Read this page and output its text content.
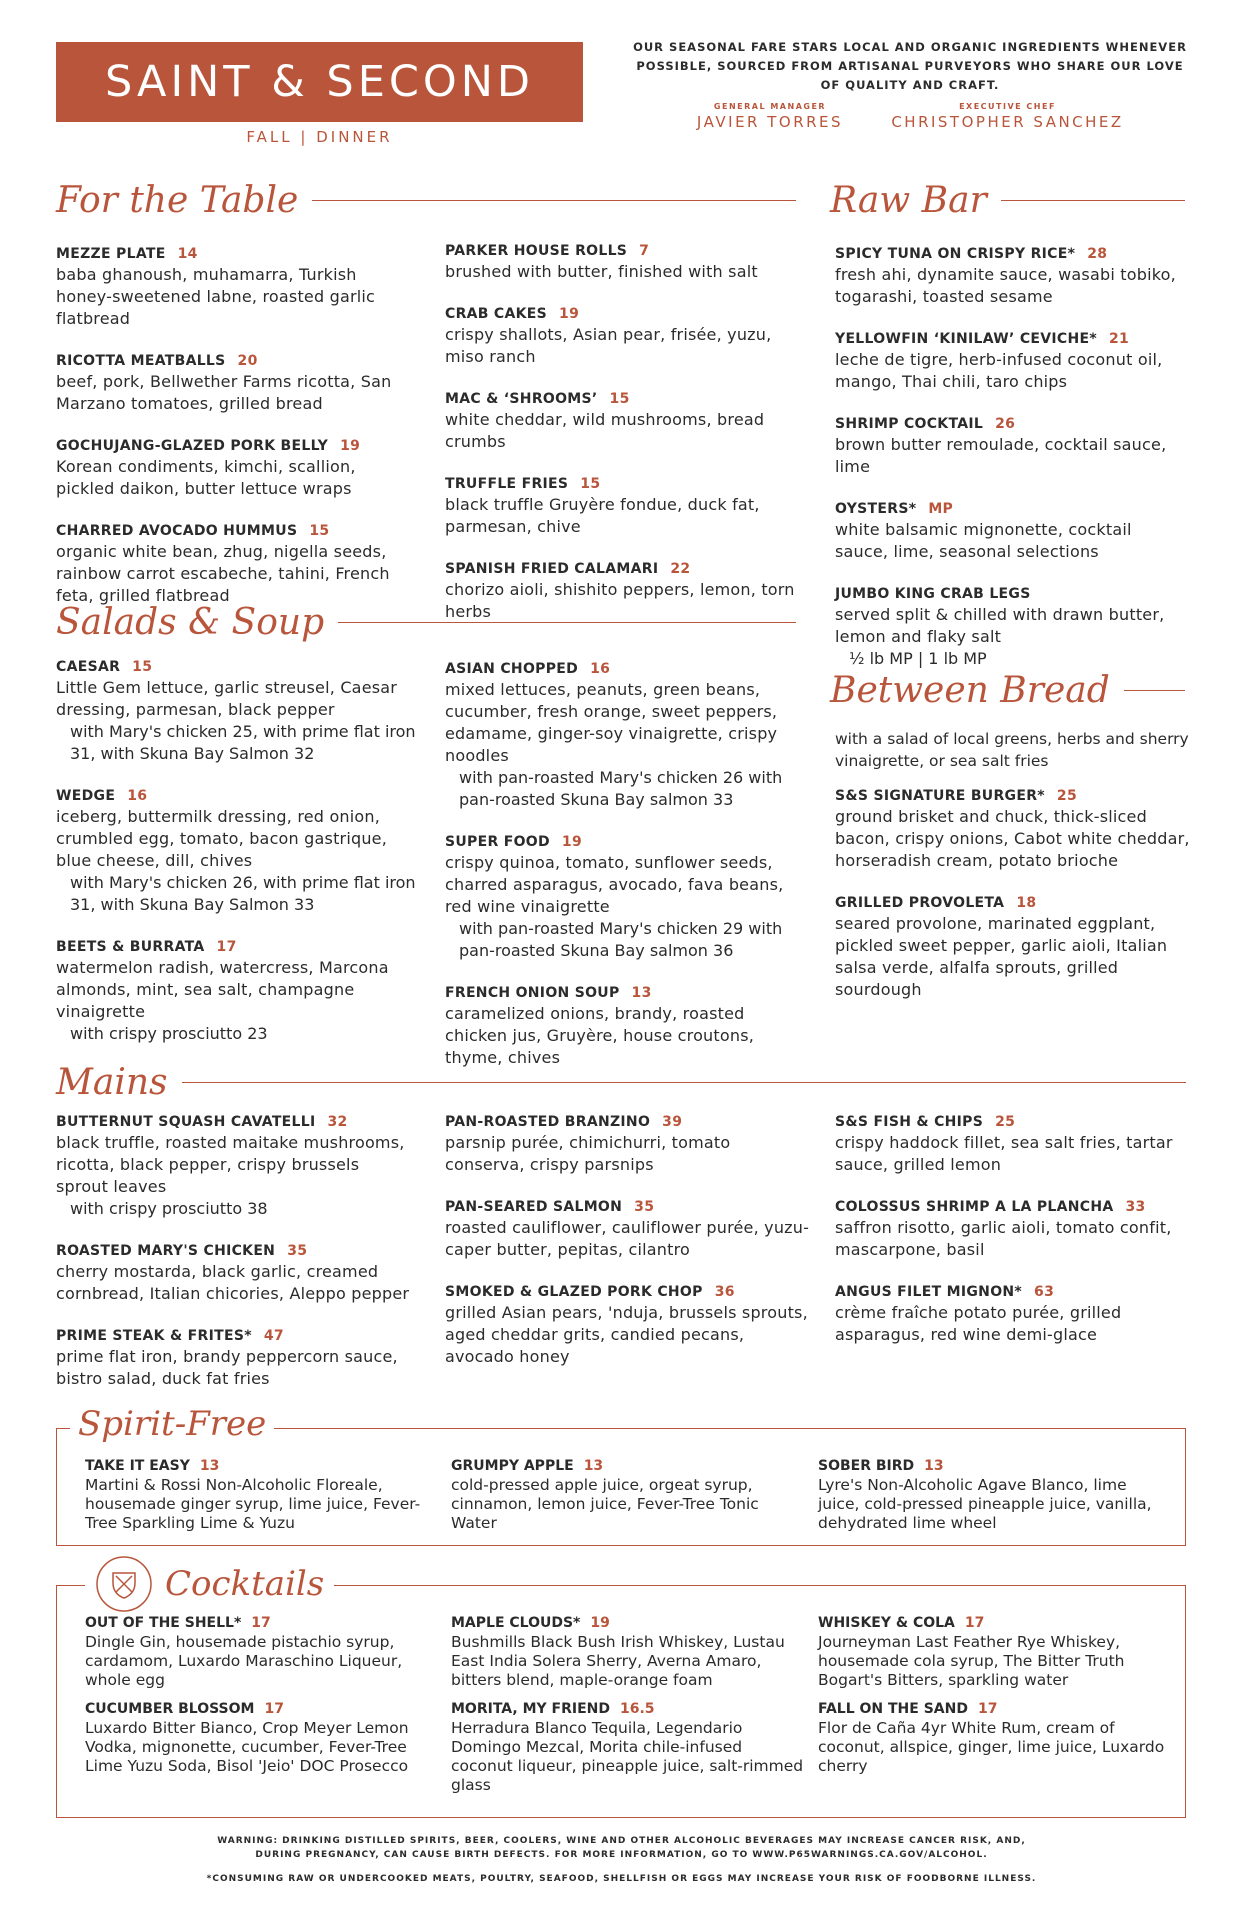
SAINT & SECOND
FALL | DINNER
OUR SEASONAL FARE STARS LOCAL AND ORGANIC INGREDIENTS WHENEVER POSSIBLE, SOURCED FROM ARTISANAL PURVEYORS WHO SHARE OUR LOVE OF QUALITY AND CRAFT.
GENERAL MANAGER
JAVIER TORRES
EXECUTIVE CHEF
CHRISTOPHER SANCHEZ
For the Table	Raw Bar
Salads & Soup
Between Bread
Mains
MEZZE PLATE 14
baba ghanoush, muhamarra, Turkish honey-sweetened labne, roasted garlic flatbread
RICOTTA MEATBALLS 20
beef, pork, Bellwether Farms ricotta, San Marzano tomatoes, grilled bread
GOCHUJANG-GLAZED PORK BELLY 19
Korean condiments, kimchi, scallion, pickled daikon, butter lettuce wraps
CHARRED AVOCADO HUMMUS 15
organic white bean, zhug, nigella seeds, rainbow carrot escabeche, tahini, French feta, grilled flatbread
PARKER HOUSE ROLLS 7
brushed with butter, finished with salt
CRAB CAKES 19
crispy shallots, Asian pear, frisée, yuzu, miso ranch
MAC & ‘SHROOMS’ 15
white cheddar, wild mushrooms, bread crumbs
TRUFFLE FRIES 15
black truffle Gruyère fondue, duck fat, parmesan, chive
SPANISH FRIED CALAMARI 22
chorizo aioli, shishito peppers, lemon, torn herbs
SPICY TUNA ON CRISPY RICE* 28
fresh ahi, dynamite sauce, wasabi tobiko, togarashi, toasted sesame
YELLOWFIN ‘KINILAW’ CEVICHE* 21
leche de tigre, herb-infused coconut oil, mango, Thai chili, taro chips
SHRIMP COCKTAIL 26
brown butter remoulade, cocktail sauce, lime
OYSTERS* MP
white balsamic mignonette, cocktail sauce, lime, seasonal selections
JUMBO KING CRAB LEGS
served split & chilled with drawn butter, lemon and flaky salt
½ lb MP | 1 lb MP
CAESAR 15
Little Gem lettuce, garlic streusel, Caesar dressing, parmesan, black pepper
with Mary's chicken 25, with prime flat iron 31, with Skuna Bay Salmon 32
WEDGE 16
iceberg, buttermilk dressing, red onion, crumbled egg, tomato, bacon gastrique, blue cheese, dill, chives
with Mary's chicken 26, with prime flat iron 31, with Skuna Bay Salmon 33
BEETS & BURRATA 17
watermelon radish, watercress, Marcona almonds, mint, sea salt, champagne vinaigrette
with crispy prosciutto 23
ASIAN CHOPPED 16
mixed lettuces, peanuts, green beans, cucumber, fresh orange, sweet peppers, edamame, ginger-soy vinaigrette, crispy noodles
with pan-roasted Mary's chicken 26 with pan-roasted Skuna Bay salmon 33
SUPER FOOD 19
crispy quinoa, tomato, sunflower seeds, charred asparagus, avocado, fava beans, red wine vinaigrette
with pan-roasted Mary's chicken 29 with pan-roasted Skuna Bay salmon 36
FRENCH ONION SOUP 13
caramelized onions, brandy, roasted chicken jus, Gruyère, house croutons, thyme, chives
with a salad of local greens, herbs and sherry vinaigrette, or sea salt fries
S&S SIGNATURE BURGER* 25
ground brisket and chuck, thick-sliced bacon, crispy onions, Cabot white cheddar, horseradish cream, potato brioche
GRILLED PROVOLETA 18
seared provolone, marinated eggplant, pickled sweet pepper, garlic aioli, Italian salsa verde, alfalfa sprouts, grilled sourdough
BUTTERNUT SQUASH CAVATELLI 32
black truffle, roasted maitake mushrooms, ricotta, black pepper, crispy brussels sprout leaves
with crispy prosciutto 38
ROASTED MARY'S CHICKEN 35
cherry mostarda, black garlic, creamed cornbread, Italian chicories, Aleppo pepper
PRIME STEAK & FRITES* 47
prime flat iron, brandy peppercorn sauce, bistro salad, duck fat fries
PAN-ROASTED BRANZINO 39
parsnip purée, chimichurri, tomato conserva, crispy parsnips
PAN-SEARED SALMON 35
roasted cauliflower, cauliflower purée, yuzu-caper butter, pepitas, cilantro
SMOKED & GLAZED PORK CHOP 36
grilled Asian pears, 'nduja, brussels sprouts, aged cheddar grits, candied pecans, avocado honey
S&S FISH & CHIPS 25
crispy haddock fillet, sea salt fries, tartar sauce, grilled lemon
COLOSSUS SHRIMP A LA PLANCHA 33
saffron risotto, garlic aioli, tomato confit, mascarpone, basil
ANGUS FILET MIGNON* 63
crème fraîche potato purée, grilled asparagus, red wine demi-glace
Spirit-Free
TAKE IT EASY 13
Martini & Rossi Non-Alcoholic Floreale, housemade ginger syrup, lime juice, Fever-Tree Sparkling Lime & Yuzu
GRUMPY APPLE 13
cold-pressed apple juice, orgeat syrup, cinnamon, lemon juice, Fever-Tree Tonic Water
SOBER BIRD 13
Lyre's Non-Alcoholic Agave Blanco, lime juice, cold-pressed pineapple juice, vanilla, dehydrated lime wheel
Cocktails
OUT OF THE SHELL* 17
Dingle Gin, housemade pistachio syrup, cardamom, Luxardo Maraschino Liqueur, whole egg
CUCUMBER BLOSSOM 17
Luxardo Bitter Bianco, Crop Meyer Lemon Vodka, mignonette, cucumber, Fever-Tree Lime Yuzu Soda, Bisol 'Jeio' DOC Prosecco
MAPLE CLOUDS* 19
Bushmills Black Bush Irish Whiskey, Lustau East India Solera Sherry, Averna Amaro, bitters blend, maple-orange foam
MORITA, MY FRIEND 16.5
Herradura Blanco Tequila, Legendario Domingo Mezcal, Morita chile-infused coconut liqueur, pineapple juice, salt-rimmed glass
WHISKEY & COLA 17
Journeyman Last Feather Rye Whiskey, housemade cola syrup, The Bitter Truth Bogart's Bitters, sparkling water
FALL ON THE SAND 17
Flor de Caña 4yr White Rum, cream of coconut, allspice, ginger, lime juice, Luxardo cherry
WARNING: DRINKING DISTILLED SPIRITS, BEER, COOLERS, WINE AND OTHER ALCOHOLIC BEVERAGES MAY INCREASE CANCER RISK, AND, DURING PREGNANCY, CAN CAUSE BIRTH DEFECTS. FOR MORE INFORMATION, GO TO WWW.P65WARNINGS.CA.GOV/ALCOHOL.
*CONSUMING RAW OR UNDERCOOKED MEATS, POULTRY, SEAFOOD, SHELLFISH OR EGGS MAY INCREASE YOUR RISK OF FOODBORNE ILLNESS.
